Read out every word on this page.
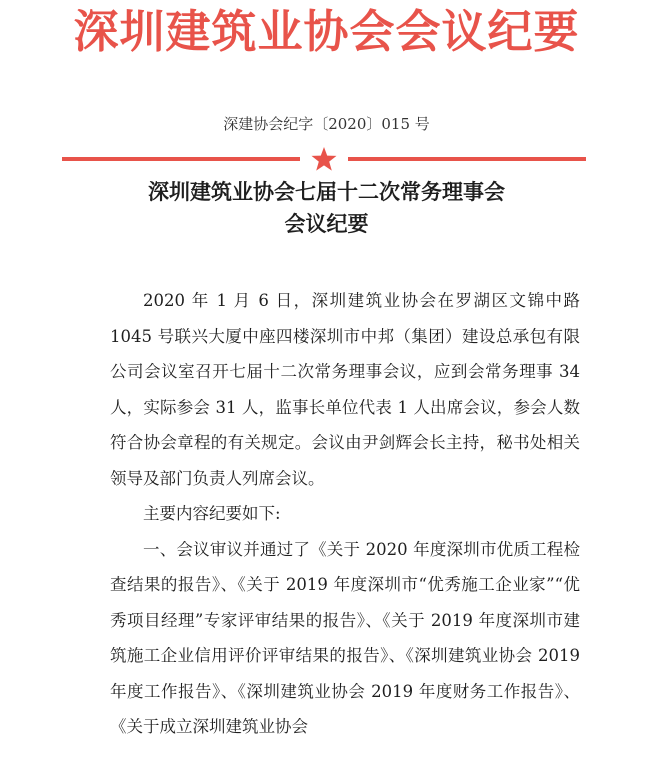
深圳建筑业协会会议纪要
深建协会纪字〔2020〕015 号
深圳建筑业协会七届十二次常务理事会
会议纪要

2020 年 1 月 6 日，深圳建筑业协会在罗湖区文锦中路 1045 号联兴大厦中座四楼深圳市中邦（集团）建设总承包有限公司会议室召开七届十二次常务理事会议，应到会常务理事 34 人，实际参会 31 人，监事长单位代表 1 人出席会议，参会人数符合协会章程的有关规定。会议由尹剑辉会长主持，秘书处相关领导及部门负责人列席会议。

主要内容纪要如下:

一、会议审议并通过了《关于 2020 年度深圳市优质工程检查结果的报告》、《关于 2019 年度深圳市“优秀施工企业家”“优秀项目经理”专家评审结果的报告》、《关于 2019 年度深圳市建筑施工企业信用评价评审结果的报告》、《深圳建筑业协会 2019 年度工作报告》、《深圳建筑业协会 2019 年度财务工作报告》、《关于成立深圳建筑业协会
